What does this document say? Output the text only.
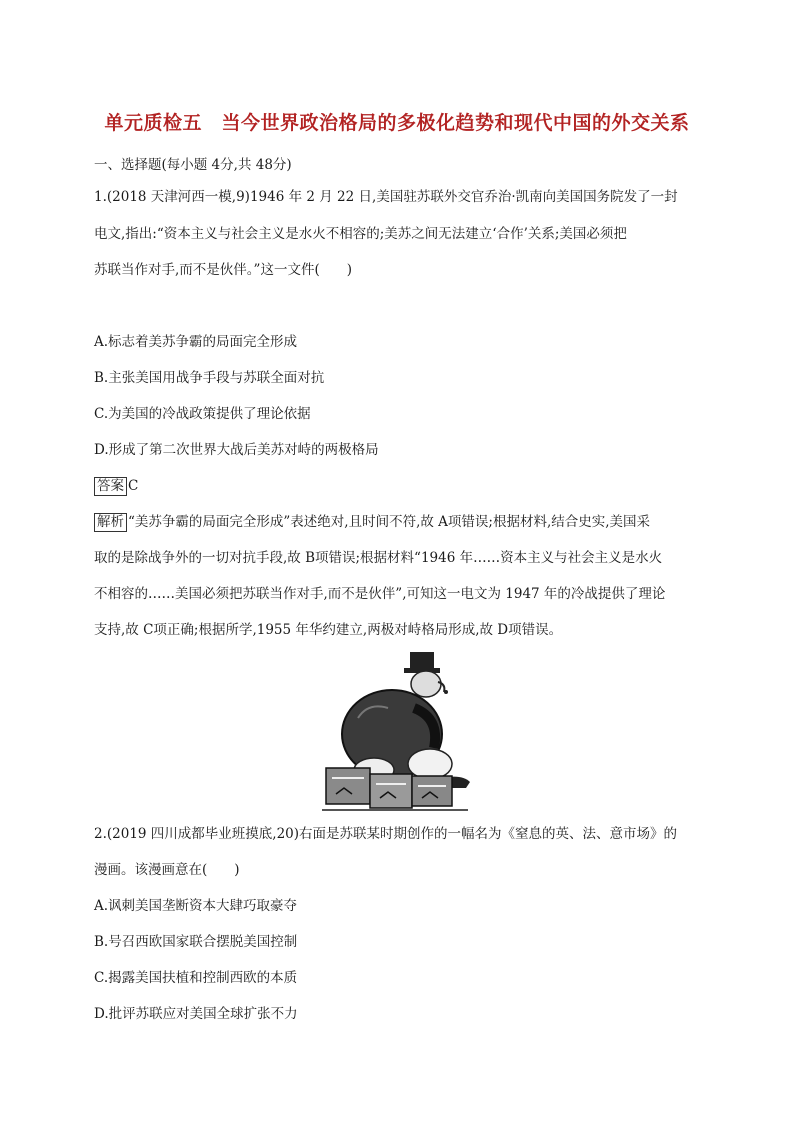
单元质检五　当今世界政治格局的多极化趋势和现代中国的外交关系
一、选择题(每小题 4分,共 48分)
1.(2018 天津河西一模,9)1946 年 2 月 22 日,美国驻苏联外交官乔治·凯南向美国国务院发了一封
电文,指出:“资本主义与社会主义是水火不相容的;美苏之间无法建立‘合作’关系;美国必须把
苏联当作对手,而不是伙伴。”这一文件(　　)
A.标志着美苏争霸的局面完全形成
B.主张美国用战争手段与苏联全面对抗
C.为美国的冷战政策提供了理论依据
D.形成了第二次世界大战后美苏对峙的两极格局
答案 C
解析 “美苏争霸的局面完全形成”表述绝对,且时间不符,故 A项错误;根据材料,结合史实,美国采
取的是除战争外的一切对抗手段,故 B项错误;根据材料“1946 年……资本主义与社会主义是水火
不相容的……美国必须把苏联当作对手,而不是伙伴”,可知这一电文为 1947 年的冷战提供了理论
支持,故 C项正确;根据所学,1955 年华约建立,两极对峙格局形成,故 D项错误。
2.(2019 四川成都毕业班摸底,20)右面是苏联某时期创作的一幅名为《窒息的英、法、意市场》的
漫画。该漫画意在(　　)
A.讽刺美国垄断资本大肆巧取豪夺
B.号召西欧国家联合摆脱美国控制
C.揭露美国扶植和控制西欧的本质
D.批评苏联应对美国全球扩张不力
